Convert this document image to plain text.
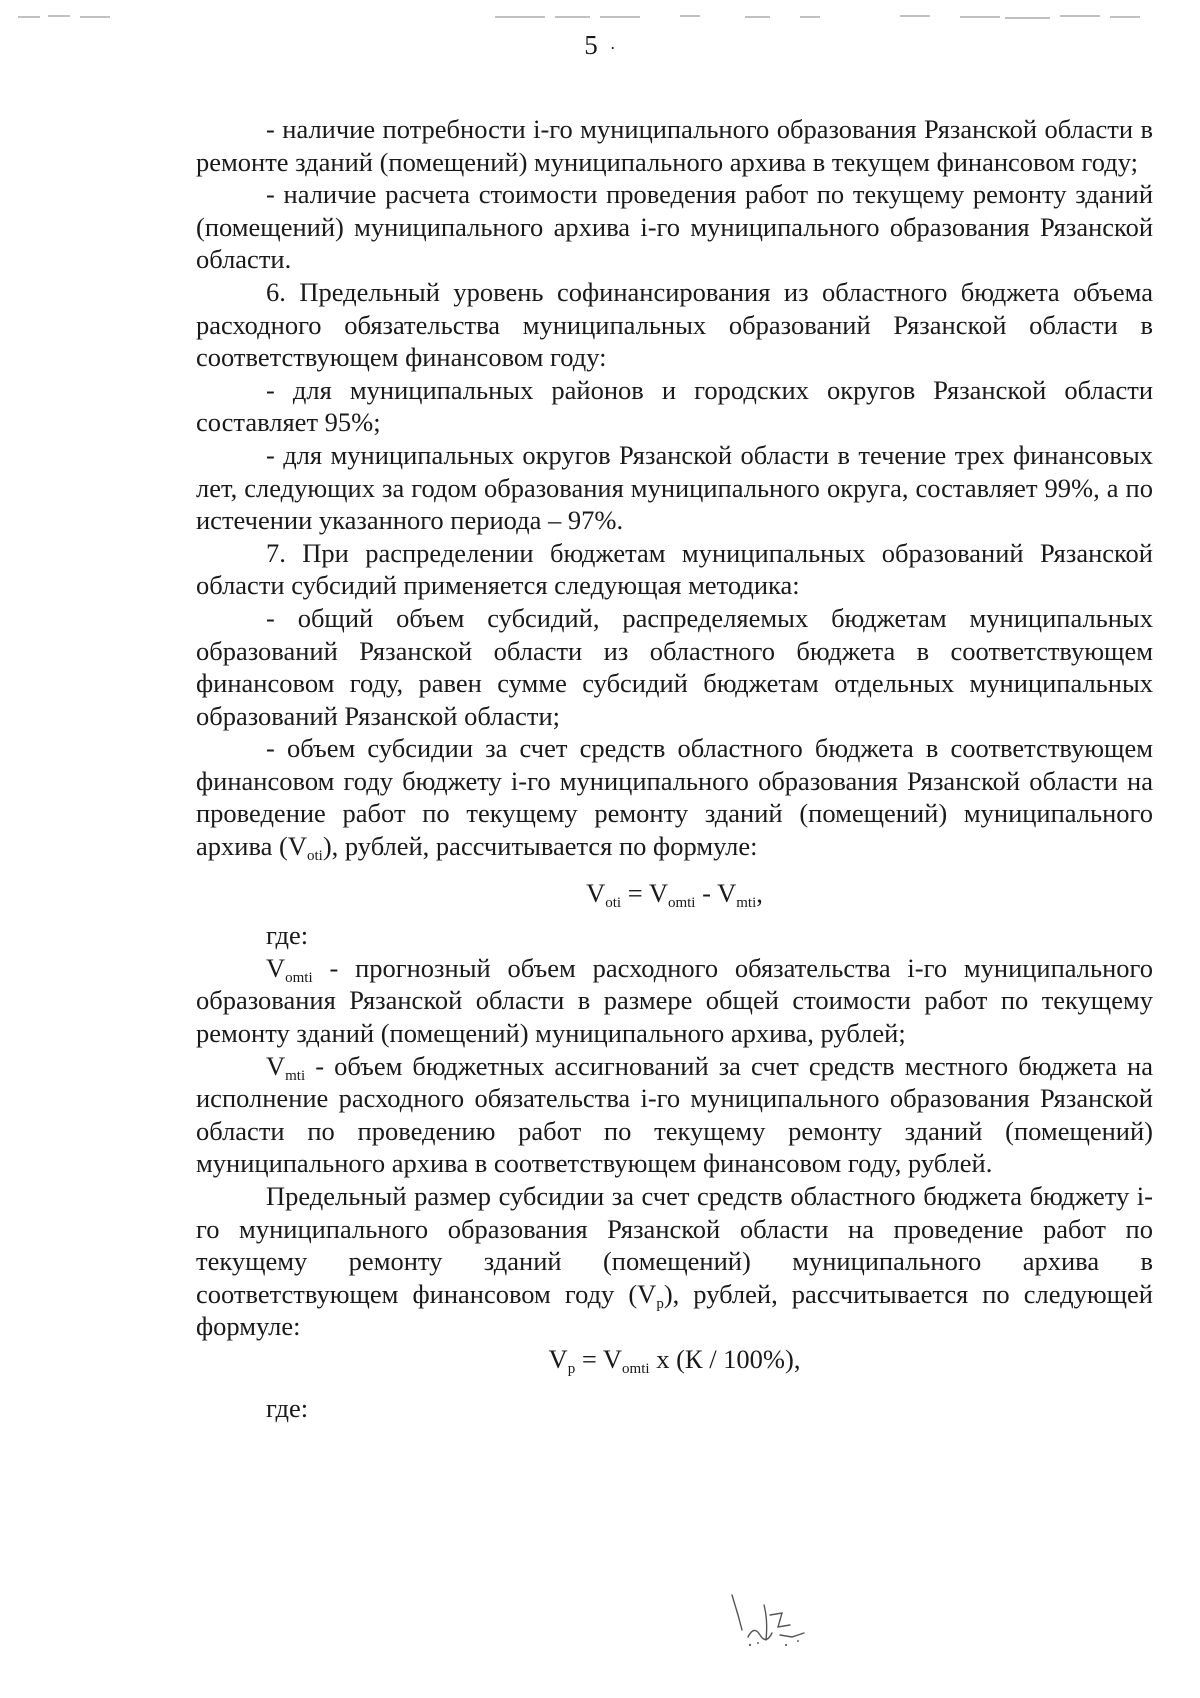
5 ·

- наличие потребности i-го муниципального образования Рязанской области в ремонте зданий (помещений) муниципального архива в текущем финансовом году;

- наличие расчета стоимости проведения работ по текущему ремонту зданий (помещений) муниципального архива i-го муниципального образования Рязанской области.

6. Предельный уровень софинансирования из областного бюджета объема расходного обязательства муниципальных образований Рязанской области в соответствующем финансовом году:

- для муниципальных районов и городских округов Рязанской области составляет 95%;

- для муниципальных округов Рязанской области в течение трех финансовых лет, следующих за годом образования муниципального округа, составляет 99%, а по истечении указанного периода – 97%.

7. При распределении бюджетам муниципальных образований Рязанской области субсидий применяется следующая методика:

- общий объем субсидий, распределяемых бюджетам муниципальных образований Рязанской области из областного бюджета в соответствующем финансовом году, равен сумме субсидий бюджетам отдельных муниципальных образований Рязанской области;

- объем субсидии за счет средств областного бюджета в соответствующем финансовом году бюджету i-го муниципального образования Рязанской области на проведение работ по текущему ремонту зданий (помещений) муниципального архива $(V_{oti})$, рублей, рассчитывается по формуле:

$V_{oti} = V_{omti} - V_{mti}$,
где:

$V_{omti}$ - прогнозный объем расходного обязательства i-го муниципального образования Рязанской области в размере общей стоимости работ по текущему ремонту зданий (помещений) муниципального архива, рублей;

$V_{mti}$ - объем бюджетных ассигнований за счет средств местного бюджета на исполнение расходного обязательства i-го муниципального образования Рязанской области по проведению работ по текущему ремонту зданий (помещений) муниципального архива в соответствующем финансовом году, рублей.

Предельный размер субсидии за счет средств областного бюджета бюджету i-го муниципального образования Рязанской области на проведение работ по текущему ремонту зданий (помещений) муниципального архива в соответствующем финансовом году $(V_p)$, рублей, рассчитывается по следующей формуле:

$V_p = V_{omti}$ x (К / 100%),
где:
